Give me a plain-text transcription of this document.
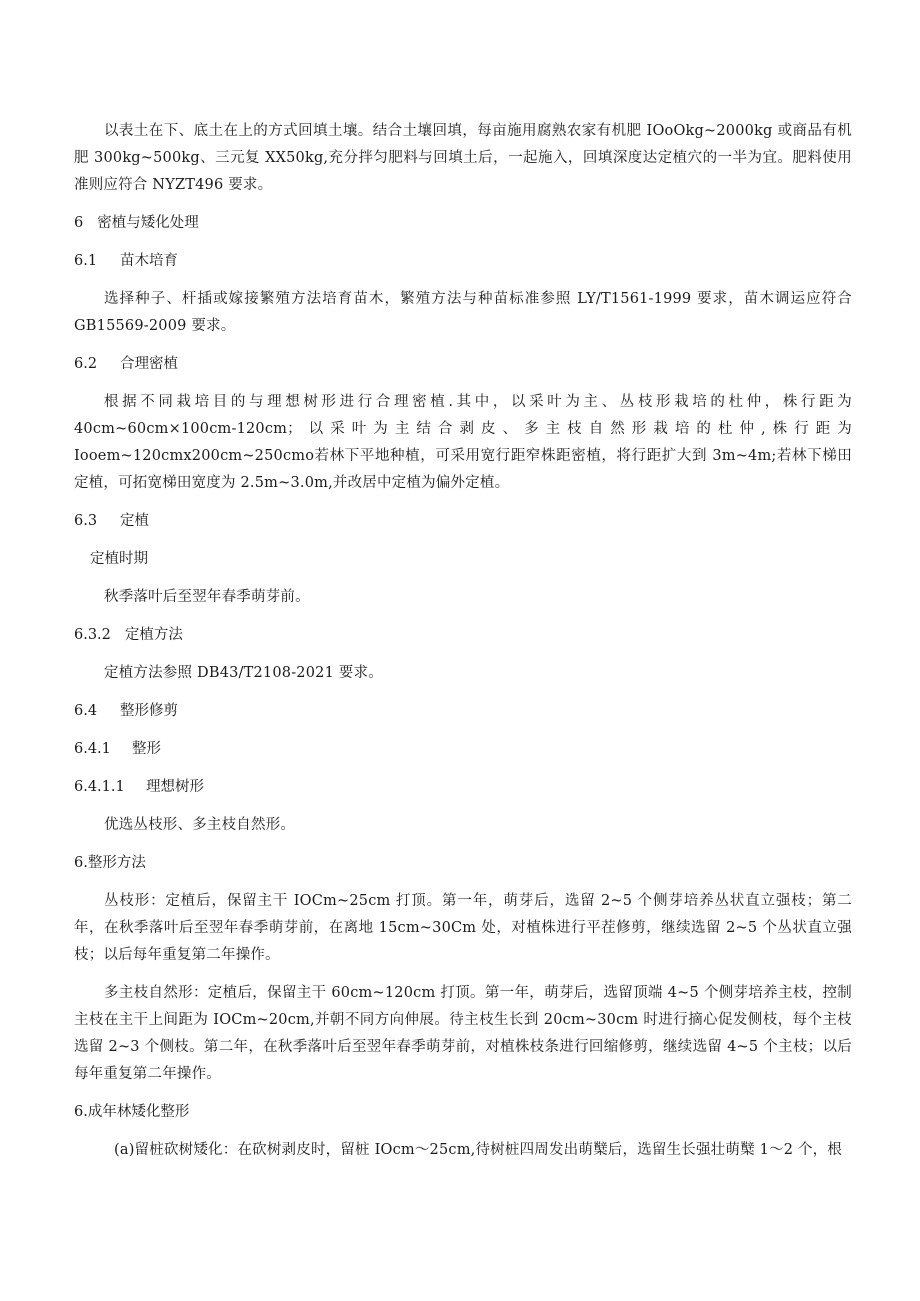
以表土在下、底土在上的方式回填土壤。结合土壤回填，每亩施用腐熟农家有机肥 IOoOkg~2000kg 或商品有机肥 300kg~500kg、三元复 XX50kg,充分拌匀肥料与回填土后，一起施入，回填深度达定植穴的一半为宜。肥料使用准则应符合 NYZT496 要求。

6 密植与矮化处理
6.1 苗木培育

选择种子、杆插或嫁接繁殖方法培育苗木，繁殖方法与种苗标准参照 LY/T1561-1999 要求，苗木调运应符合 GB15569-2009 要求。

6.2 合理密植

根据不同栽培目的与理想树形进行合理密植.其中，以采叶为主、丛枝形栽培的杜仲，株行距为 40cm~60cm×100cm-120cm；以采叶为主结合剥皮、多主枝自然形栽培的杜仲,株行距为 Iooem~120cmx200cm~250cmo若林下平地种植，可采用宽行距窄株距密植，将行距扩大到 3m~4m;若林下梯田定植，可拓宽梯田宽度为 2.5m~3.0m,并改居中定植为偏外定植。

6.3 定植
定植时期

秋季落叶后至翌年春季萌芽前。

6.3.2 定植方法

定植方法参照 DB43/T2108-2021 要求。

6.4 整形修剪
6.4.1 整形
6.4.1.1 理想树形

优选丛枝形、多主枝自然形。

6.整形方法

丛枝形：定植后，保留主干 IOCm~25cm 打顶。第一年，萌芽后，选留 2~5 个侧芽培养丛状直立强枝；第二年，在秋季落叶后至翌年春季萌芽前，在离地 15cm~30Cm 处，对植株进行平茬修剪，继续选留 2~5 个丛状直立强枝；以后每年重复第二年操作。

多主枝自然形：定植后，保留主干 60cm~120cm 打顶。第一年，萌芽后，选留顶端 4~5 个侧芽培养主枝，控制主枝在主干上间距为 IOCm~20cm,并朝不同方向伸展。待主枝生长到 20cm~30cm 时进行摘心促发侧枝，每个主枝选留 2~3 个侧枝。第二年，在秋季落叶后至翌年春季萌芽前，对植株枝条进行回缩修剪，继续选留 4~5 个主枝；以后每年重复第二年操作。

6.成年林矮化整形

(a)留桩砍树矮化：在砍树剥皮时，留桩 IOcm～25cm,待树桩四周发出萌櫱后，选留生长强壮萌櫱 1～2 个，根
